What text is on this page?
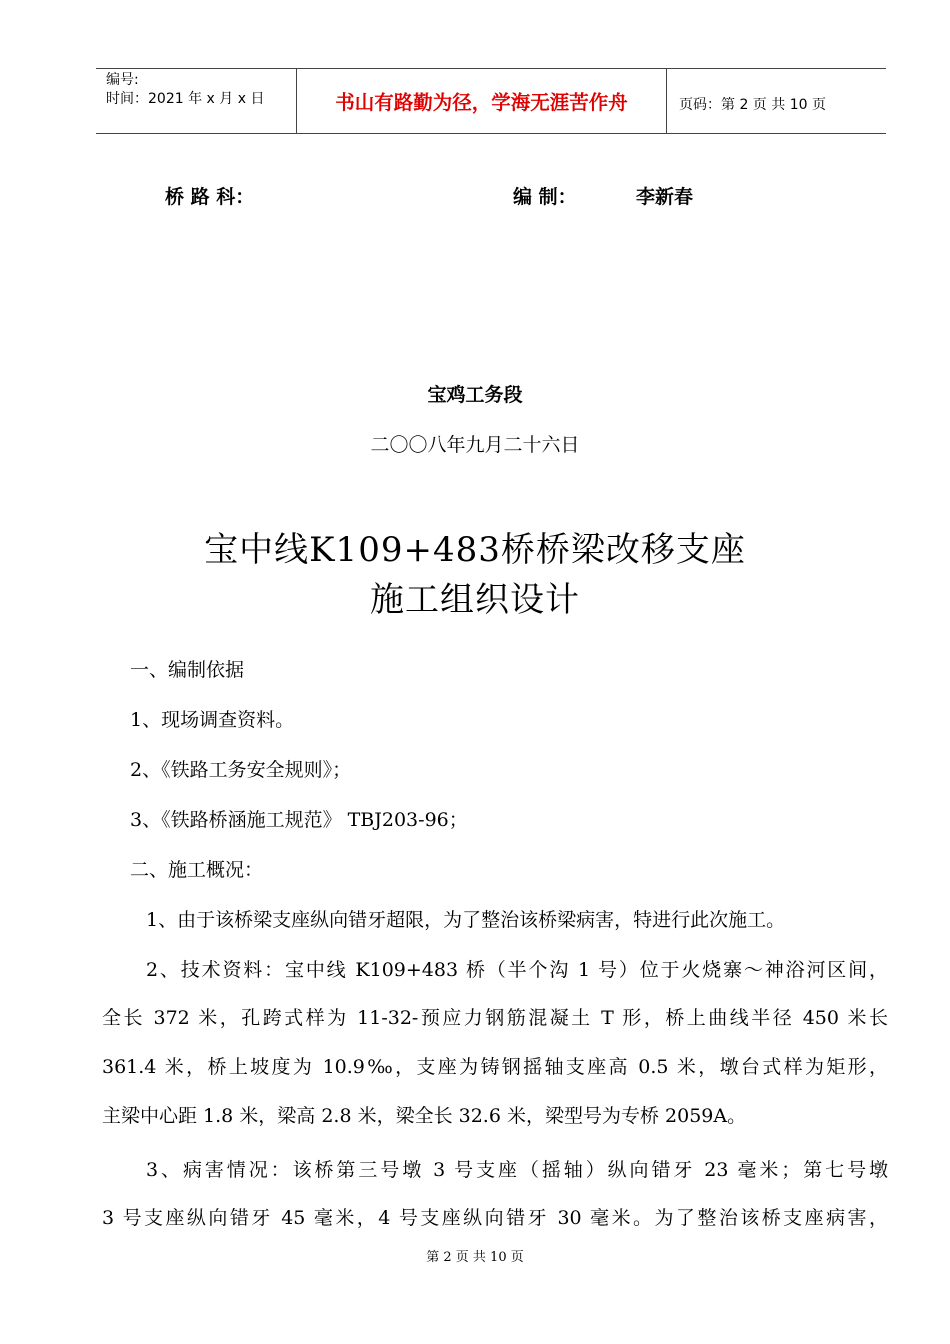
编号:
时间：2021 年 x 月 x 日	书山有路勤为径，学海无涯苦作舟	页码：第 2 页 共 10 页
桥 路 科：	编 制：	李新春
宝鸡工务段
二〇〇八年九月二十六日
宝中线K109+483桥桥梁改移支座
施工组织设计
一、编制依据
1、现场调查资料。
2、《铁路工务安全规则》；
3、《铁路桥涵施工规范》 TBJ203-96；
二、施工概况：
1、由于该桥梁支座纵向错牙超限，为了整治该桥梁病害，特进行此次施工。
2、技术资料：宝中线 K109+483 桥（半个沟 1 号）位于火烧寨～神浴河区间，
全长 372 米，孔跨式样为 11-32-预应力钢筋混凝土 T 形，桥上曲线半径 450 米长
361.4 米，桥上坡度为 10.9‰，支座为铸钢摇轴支座高 0.5 米，墩台式样为矩形，
主梁中心距 1.8 米，梁高 2.8 米，梁全长 32.6 米，梁型号为专桥 2059A。
3、病害情况：该桥第三号墩 3 号支座（摇轴）纵向错牙 23 毫米；第七号墩
3 号支座纵向错牙 45 毫米，4 号支座纵向错牙 30 毫米。为了整治该桥支座病害，
第 2 页 共 10 页
